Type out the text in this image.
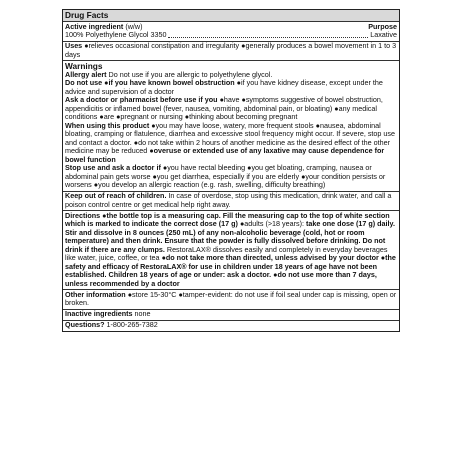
Drug Facts
Active ingredient (w/w)	Purpose
100% Polyethylene Glycol 3350	Laxative

Uses ●relieves occasional constipation and irregularity ●generally produces a bowel movement in 1 to 3 days

Warnings

Allergy alert Do not use if you are allergic to polyethylene glycol.

Do not use ●if you have known bowel obstruction ●if you have kidney disease, except under the advice and supervision of a doctor

Ask a doctor or pharmacist before use if you ●have ●symptoms suggestive of bowel obstruction, appendicitis or inflamed bowel (fever, nausea, vomiting, abdominal pain, or bloating) ●any medical conditions ●are ●pregnant or nursing ●thinking about becoming pregnant

When using this product ●you may have loose, watery, more frequent stools ●nausea, abdominal bloating, cramping or flatulence, diarrhea and excessive stool frequency might occur. If severe, stop use and contact a doctor. ●do not take within 2 hours of another medicine as the desired effect of the other medicine may be reduced ●overuse or extended use of any laxative may cause dependence for bowel function

Stop use and ask a doctor if ●you have rectal bleeding ●you get bloating, cramping, nausea or abdominal pain gets worse ●you get diarrhea, especially if you are elderly ●your condition persists or worsens ●you develop an allergic reaction (e.g. rash, swelling, difficulty breathing)

Keep out of reach of children. In case of overdose, stop using this medication, drink water, and call a poison control centre or get medical help right away.

Directions ●the bottle top is a measuring cap. Fill the measuring cap to the top of white section which is marked to indicate the correct dose (17 g) ●adults (>18 years): take one dose (17 g) daily. Stir and dissolve in 8 ounces (250 mL) of any non-alcoholic beverage (cold, hot or room temperature) and then drink. Ensure that the powder is fully dissolved before drinking. Do not drink if there are any clumps. RestoraLAX® dissolves easily and completely in everyday beverages like water, juice, coffee, or tea ●do not take more than directed, unless advised by your doctor ●the safety and efficacy of RestoraLAX® for use in children under 18 years of age have not been established. Children 18 years of age or under: ask a doctor. ●do not use more than 7 days, unless recommended by a doctor

Other information ●store 15-30°C ●tamper-evident: do not use if foil seal under cap is missing, open or broken.

Inactive ingredients none

Questions? 1-800-265-7382
